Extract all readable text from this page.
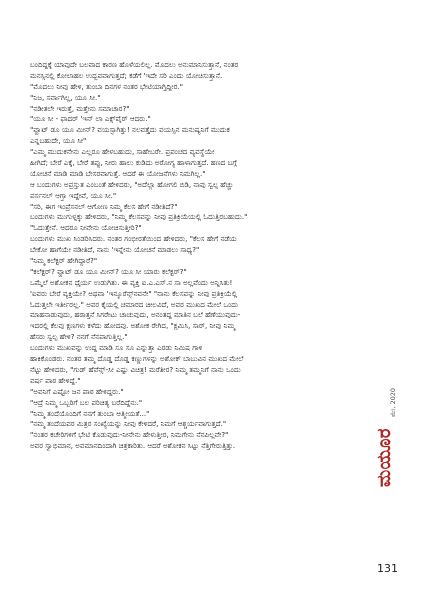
ಬಂದಿದ್ದಕ್ಕೆ ಯಾವುದೇ ಬಲವಾದ ಕಾರಣ ಹೊಳೆಯಲಿಲ್ಲ. ಮೊದಲು ಅನುಮಾನಿಸುತ್ತಾನೆ, ನಂತರ
ಮನಸ್ಸಿನಲ್ಲಿ ಕೋಲಾಹಲ ಉದ್ಭವವಾಗುತ್ತದೆ; ಕಡೆಗೆ 'ಇದೇ ಸರಿ ಎಂದು ಯೋಚಿಸುತ್ತಾನೆ.
"ಮೊದಲು ನೀವು ಹೇಳಿ, ತುಂಬಾ ದಿನಗಳ ನಂತರ ಭೇಟಿಯಾಗ್ತಿದ್ದೀರ."
"ನಿಜ, ಸರ್ವಾಗಿಲ್ಲ, ಯೂ ಸೀ."
"ನಡೀತಲೇ ಇರುತ್ತೆ, ಮತ್ತೇನು ಸಮಾಚಾರ?"
"ಯೂ ಸೀ - ಫಾದರ್ 'ಇನ್ ಲಾ ಎಕ್ಸ್‌ಪೈರ್ ಆದರು."
"ವ್ಹಾಟ್ ಡೂ ಯೂ ಮೀನ್? ವಯಸ್ಸಾಗಿತ್ತು! ನಲವತ್ತೈದು ವಯಸ್ಸಿನ ಮನುಷ್ಯನಿಗೆ ಮುದುಕ
ಎನ್ನಬಹುದೇ, ಯೂ ಸೀ"
"ಎಮ್ಮ ಮುದುಕನೇನು ಎಲ್ಲರೂ ಹೇಳಬಹುದು, ಸಾಹೇಬರೇ. ಪ್ರಪಂಚದ ವ್ಯವಸ್ಥೆಯೇ
ಹೀಗಿದೆ; ಬೇರೆ ಎಕ್ಕೆ, ಬೇರೆ ತಪ್ಪು, ನೀರು ಹಾಲು ಕುಡಿದು ಅರೋಗ್ಯ ಹಾಳಾಗುತ್ತದೆ. ಹಣದ ಬಗ್ಗೆ
ಯೋಚನೆ ಮಾಡಿ ಮಾಡಿ ಬೇಸರವಾಗುತ್ತೆ. ಆದರೆ ಈ ಯೋಜನೆಗಳು ನಿಮಗಿಲ್ಲ."
ಆ ಬಂದುಗಳು ಅಪ್ರಸ್ತುತ ಎಂಬಂತೆ ಹೇಳಿದರು, "ಅದೆಲ್ಲಾ ಹೋಗಲಿ ಬಿಡಿ, ನಾವು ಸ್ವಲ್ಪ ಹೆಚ್ಚು
ಪರ್ಸನಲ್ ಆಗ್ತಾ ಇದ್ದೇವೆ, ಯೂ ಸೀ."
"ಸರಿ, ಈಗ ಇಂಪ್ರೆಸನಲ್ ಆಗೋಣ ನಿಮ್ಮ ಕೆಲಸ ಹೇಗೆ ನಡೀತಿದೆ?"
ಬಂದುಗಳು ಮುಗುಳ್ನಕ್ಕು ಹೇಳಿದರು, "ನಿಮ್ಮ ಕೆಲಸವನ್ನು ನೀವು ಪ್ರತಿಕ್ರಿಯೆಯಲ್ಲಿ ಓದುತ್ತಿರಬಹುದು."
"ಓದುತ್ತೇನೆ. ಆದರೂ ನೀವೇನು ಯೋಚಿಸುತ್ತೀರಿ?"
ಬಂದುಗಳು ಮುಖ ಸಿಂಡರಿಸಿದರು. ನಂತರ ಗಂಭೀರತೆಯಿಂದ ಹೇಳಿದರು, "ಕೆಲಸ ಹೇಗೆ ನಡೆಯ
ಬೇಕೋ ಹಾಗೆಯೇ ನಡೀತಿದೆ, ನಾನು 'ಇನ್ನೇನು ಯೋಚನೆ ಮಾಡಲು ಸಾಧ್ಯ?"
"ನಿಮ್ಮ ಕಲೆಕ್ಟರ್ ಹೇಗಿದ್ದಾರೆ?"
"ಕಲೆಕ್ಟರ್? ವ್ಹಾಟ್ ಡೂ ಯೂ ಮೀನ್? ಯೂ ಸೀ ಯಾರು ಕಲೆಕ್ಟರ್?"
ಒಮ್ಮೆಲೆ ಅಶೋಕನ ಧೈರ್ಯ ಉಡುಗಿತು. ಈ ವ್ಯಕ್ತಿ ಐ.ಎ.ಎಸ್.ನ ಸಾ ಅಲ್ಲವೆಂದು ಅನ್ನಿಸಿತು!
'ಐವರು ಬೇರೆ ವ್ಯಕ್ತಿಯೇ? ಅಥವಾ 'ಇನ್ಶೂರೆನ್ಸ್‌ನವನೇ" "ನಾನು ಕೆಲಸವನ್ನು ನೀವು ಪ್ರತಿಕ್ರಿಯೆಲ್ಲಿ
ಓದುತ್ತಲೇ ಇರ್ತೀರಲ್ಲ." ಅವರ ಕೈಯಲ್ಲಿ ಚಮಾರದ ಚೀಲವಿದೆ, ಅವರ ಮುಖದ ಮೇಲೆ ಒಂದು
ಮಾಹನಾಡುವುದು, ಹಠಾತ್ತನೆ ಸಿಗರೇಟು ಚಾಚುವುದು, ಅನಂತದ್ದ ಮಾತಿನ ಬಲೆ ಹೆಣೆಯುವುದು-
ಇದರಲ್ಲಿ ಕೆಲವು ಕ್ಷಣಗಳು ಕಳೆದು ಹೋದವು. ಅಶೋಕ ರೇಗಿದ, "ಕ್ಷಮಿಸಿ, ಸಾರ್, ನೀವು ನಿಮ್ಮ
ಹೆಸರು ಸ್ವಲ್ಪ ಹೇಳಿ? ನನಗೆ ನೆನಪಾಗುತ್ತಿಲ್ಲ."
ಬಂದುಗಳು ಮುಖವನ್ನು ಉದ್ದ ಮಾಡಿ ಸೂ ಸೂ ಎನ್ನುತ್ತಾ ಎರಡು ನಿಮಿಷ ಗಾಳಿ
ಹಾಕಿಕೊಂಡರು. ನಂತರ ತಮ್ಮ ದೊಡ್ಡ ದೊಡ್ಡ ಕಣ್ಣುಗಳನ್ನು ಅಶೋಕ್ ಬಾಬುವಿನ ಮುಖದ ಮೇಲೆ
ನೆಟ್ಟು ಹೇಳಿದರು, "ಗುಡ್ ಹೆವೆನ್ಸ್-ಸೀ ಎಷ್ಟು ವಿಚಿತ್ರ! ಮರೆತೀರ? ನಿಮ್ಮ ತಮ್ಮನಿಗೆ ನಾನು ಒಂದು
ವರ್ಷ ಪಾಠ ಹೇಳಿದ್ದೆ."
"ಅವನಿಗೆ ಎಷ್ಟೋ ಜನ ಪಾಠ ಹೇಳಿದ್ದರು."
"ಆದ್ರೆ ನಿಮ್ಮ ಒಬ್ಬರಿಗೆ ಬಲ ಪರಿಚಿತ್ಯ ಬರೆದಿದ್ದೆನು."
"ನಿಮ್ಮ ತಂದೆಯೊಂದಿಗೆ ನನಗೆ ತುಂಬಾ ಆತ್ಮೀಯತೆ..."
"ನಮ್ಮ ತಂದೆಯವರ ಮಿತ್ರರ ಸಂಖ್ಯೆಯನ್ನು ನೀವು ಕೇಳಿದರೆ, ನಿಮಗೆ ಆಶ್ಚರ್ಯವಾಗುತ್ತದೆ."
"ನಂತರ ಕಚೇರಿಗಳಿಗೆ ಭೇಟಿ ಕೊಡುವುದು-ನೀನೇನು ಹೇಳುತ್ತೀರ, ನಿಮಗೇನು ನೆನಪಿಲ್ಲವೇ?"
ಅವರ ಸ್ವಾಭಿಮಾನ, ಅವಮಾನದಿಂದಾಗಿ ಚಿತ್ರಕಾರಿತು. ಆದರೆ ಅಶೋಕನ ಸಿಟ್ಟು ನೆತ್ತಿಗೇರುತ್ತಿತ್ತು.
ಮೇ, 2020
ಮಯೂರ
131
